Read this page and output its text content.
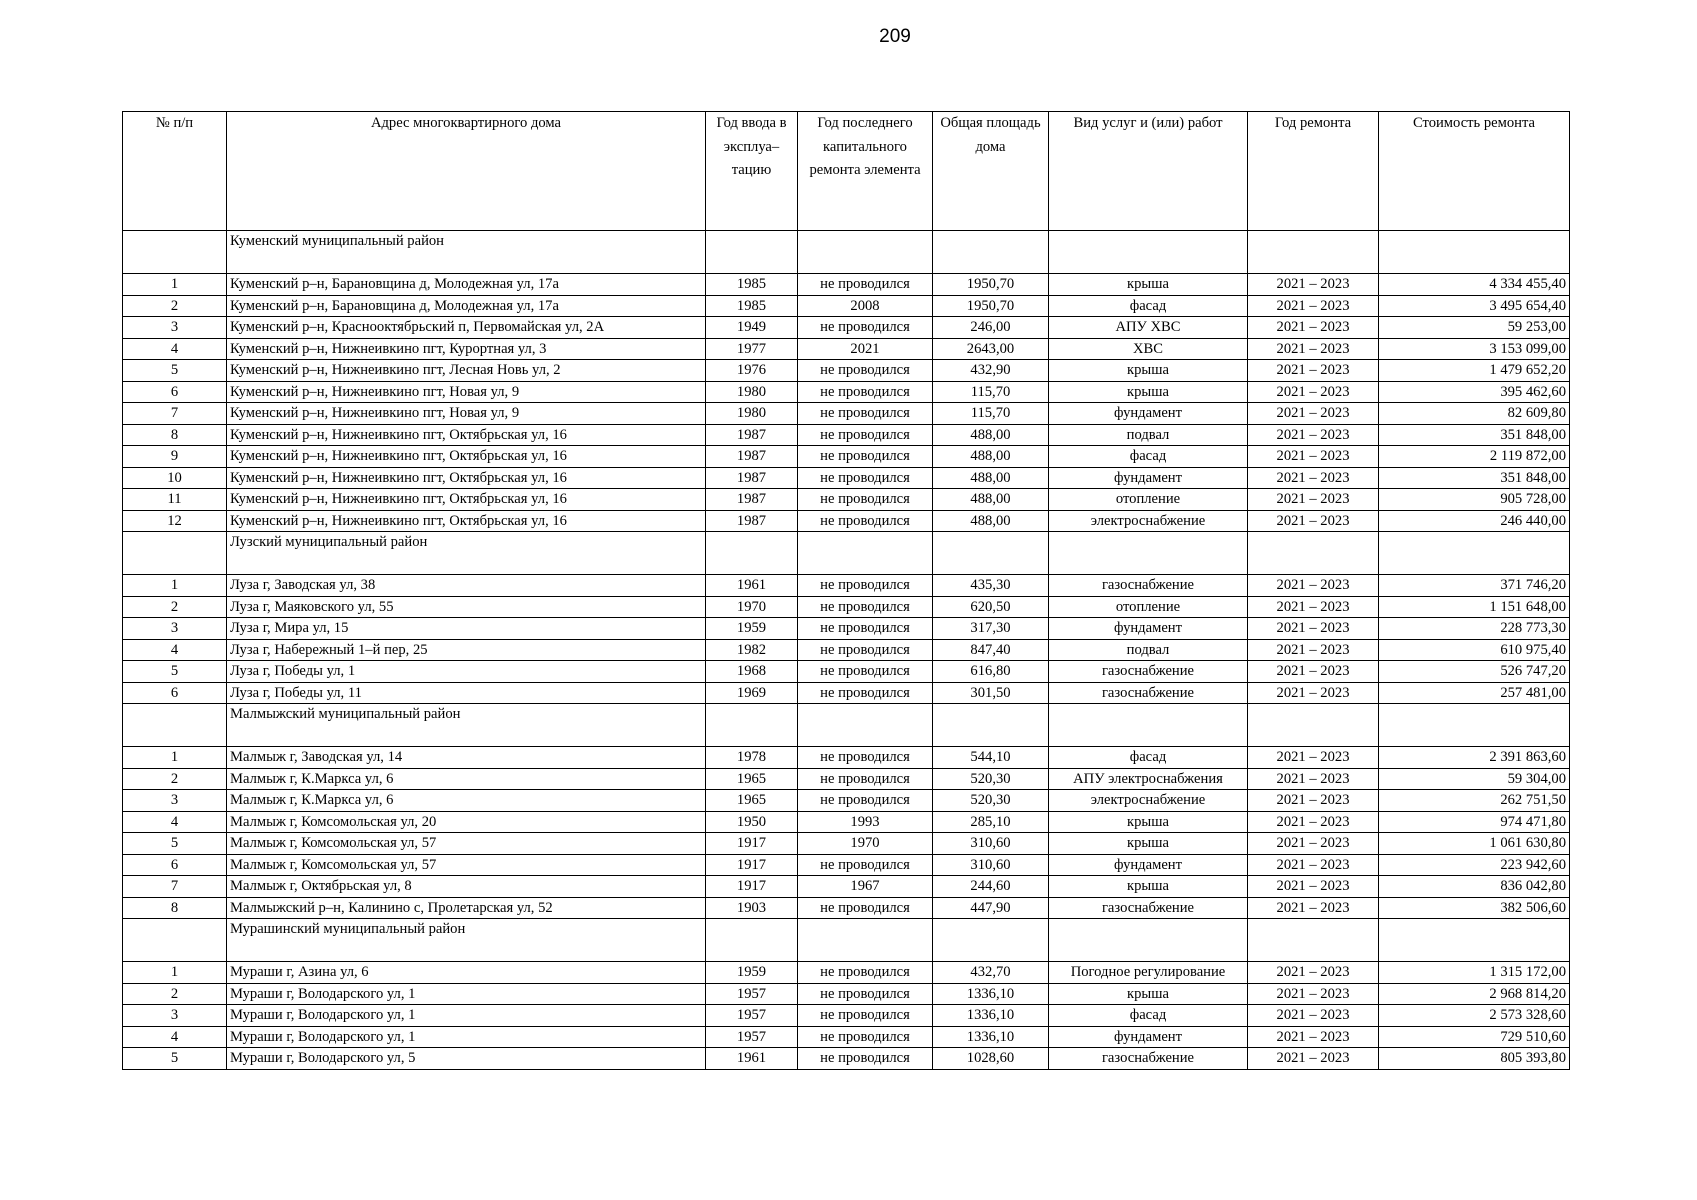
209
№ п/п	Адрес многоквартирного дома	Год ввода в эксплуа–тацию	Год последнего капитального ремонта элемента	Общая площадь дома	Вид услуг и (или) работ	Год ремонта	Стоимость ремонта
	Куменский муниципальный район						
1	Куменский р–н, Барановщина д, Молодежная ул, 17а	1985	не проводился	1950,70	крыша	2021 – 2023	4 334 455,40
2	Куменский р–н, Барановщина д, Молодежная ул, 17а	1985	2008	1950,70	фасад	2021 – 2023	3 495 654,40
3	Куменский р–н, Краснооктябрьский п, Первомайская ул, 2А	1949	не проводился	246,00	АПУ ХВС	2021 – 2023	59 253,00
4	Куменский р–н, Нижнеивкино пгт, Курортная ул, 3	1977	2021	2643,00	ХВС	2021 – 2023	3 153 099,00
5	Куменский р–н, Нижнеивкино пгт, Лесная Новь ул, 2	1976	не проводился	432,90	крыша	2021 – 2023	1 479 652,20
6	Куменский р–н, Нижнеивкино пгт, Новая ул, 9	1980	не проводился	115,70	крыша	2021 – 2023	395 462,60
7	Куменский р–н, Нижнеивкино пгт, Новая ул, 9	1980	не проводился	115,70	фундамент	2021 – 2023	82 609,80
8	Куменский р–н, Нижнеивкино пгт, Октябрьская ул, 16	1987	не проводился	488,00	подвал	2021 – 2023	351 848,00
9	Куменский р–н, Нижнеивкино пгт, Октябрьская ул, 16	1987	не проводился	488,00	фасад	2021 – 2023	2 119 872,00
10	Куменский р–н, Нижнеивкино пгт, Октябрьская ул, 16	1987	не проводился	488,00	фундамент	2021 – 2023	351 848,00
11	Куменский р–н, Нижнеивкино пгт, Октябрьская ул, 16	1987	не проводился	488,00	отопление	2021 – 2023	905 728,00
12	Куменский р–н, Нижнеивкино пгт, Октябрьская ул, 16	1987	не проводился	488,00	электроснабжение	2021 – 2023	246 440,00
	Лузский муниципальный район						
1	Луза г, Заводская ул, 38	1961	не проводился	435,30	газоснабжение	2021 – 2023	371 746,20
2	Луза г, Маяковского ул, 55	1970	не проводился	620,50	отопление	2021 – 2023	1 151 648,00
3	Луза г, Мира ул, 15	1959	не проводился	317,30	фундамент	2021 – 2023	228 773,30
4	Луза г, Набережный 1–й пер, 25	1982	не проводился	847,40	подвал	2021 – 2023	610 975,40
5	Луза г, Победы ул, 1	1968	не проводился	616,80	газоснабжение	2021 – 2023	526 747,20
6	Луза г, Победы ул, 11	1969	не проводился	301,50	газоснабжение	2021 – 2023	257 481,00
	Малмыжский муниципальный район						
1	Малмыж г, Заводская ул, 14	1978	не проводился	544,10	фасад	2021 – 2023	2 391 863,60
2	Малмыж г, К.Маркса ул, 6	1965	не проводился	520,30	АПУ электроснабжения	2021 – 2023	59 304,00
3	Малмыж г, К.Маркса ул, 6	1965	не проводился	520,30	электроснабжение	2021 – 2023	262 751,50
4	Малмыж г, Комсомольская ул, 20	1950	1993	285,10	крыша	2021 – 2023	974 471,80
5	Малмыж г, Комсомольская ул, 57	1917	1970	310,60	крыша	2021 – 2023	1 061 630,80
6	Малмыж г, Комсомольская ул, 57	1917	не проводился	310,60	фундамент	2021 – 2023	223 942,60
7	Малмыж г, Октябрьская ул, 8	1917	1967	244,60	крыша	2021 – 2023	836 042,80
8	Малмыжский р–н, Калинино с, Пролетарская ул, 52	1903	не проводился	447,90	газоснабжение	2021 – 2023	382 506,60
	Мурашинский муниципальный район						
1	Мураши г, Азина ул, 6	1959	не проводился	432,70	Погодное регулирование	2021 – 2023	1 315 172,00
2	Мураши г, Володарского ул, 1	1957	не проводился	1336,10	крыша	2021 – 2023	2 968 814,20
3	Мураши г, Володарского ул, 1	1957	не проводился	1336,10	фасад	2021 – 2023	2 573 328,60
4	Мураши г, Володарского ул, 1	1957	не проводился	1336,10	фундамент	2021 – 2023	729 510,60
5	Мураши г, Володарского ул, 5	1961	не проводился	1028,60	газоснабжение	2021 – 2023	805 393,80
